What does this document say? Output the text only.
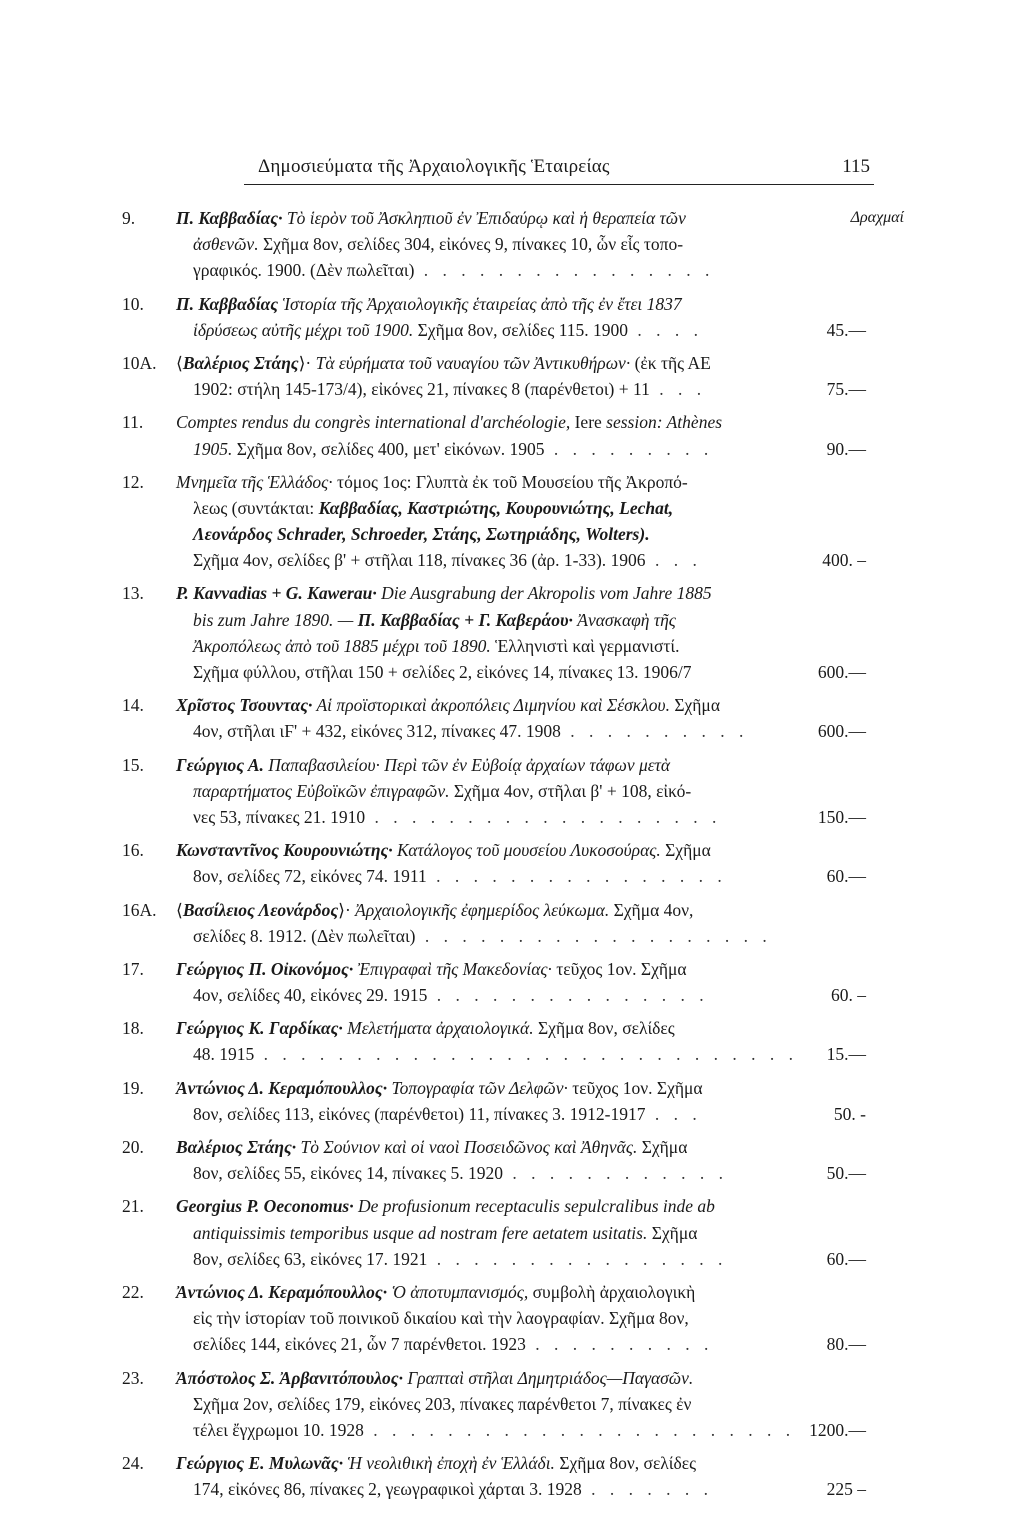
Δημοσιεύματα τῆς Ἀρχαιολογικῆς Ἑταιρείας	115
9. Π. Καββαδίας· Τὸ ἱερὸν τοῦ Ἀσκληπιοῦ ἐν Ἐπιδαύρῳ καὶ ἡ θεραπεία τῶν	Δραχμαί
ἀσθενῶν. Σχῆμα 8ον, σελίδες 304, εἰκόνες 9, πίνακες 10, ὧν εἷς τοπο-
γραφικός. 1900. (Δὲν πωλεῖται) . . . . . . . . . . . . . . . .
10. Π. Καββαδίας Ἱστορία τῆς Ἀρχαιολογικῆς ἑταιρείας ἀπὸ τῆς ἐν ἔτει 1837
ἱδρύσεως αὐτῆς μέχρι τοῦ 1900. Σχῆμα 8ον, σελίδες 115. 1900 . . . .	45.—
10Α. ⟨Βαλέριος Στάης⟩· Τὰ εὑρήματα τοῦ ναυαγίου τῶν Ἀντικυθήρων· (ἐκ τῆς ΑΕ
1902: στήλη 145-173/4), εἰκόνες 21, πίνακες 8 (παρένθετοι) + 11 . . .	75.—
11. Comptes rendus du congrès international d'archéologie, Iere session: Athènes
1905. Σχῆμα 8ον, σελίδες 400, μετ' εἰκόνων. 1905 . . . . . . . . .	90.—
12. Μνημεῖα τῆς Ἑλλάδος· τόμος 1ος: Γλυπτὰ ἐκ τοῦ Μουσείου τῆς Ἀκροπό-
λεως (συντάκται: Καββαδίας, Καστριώτης, Κουρουνιώτης, Lechat,
Λεονάρδος Schrader, Schroeder, Στάης, Σωτηριάδης, Wolters).
Σχῆμα 4ον, σελίδες β' + στῆλαι 118, πίνακες 36 (ἀρ. 1-33). 1906 . . .	400. –
13. P. Kavvadias + G. Kawerau· Die Ausgrabung der Akropolis vom Jahre 1885
bis zum Jahre 1890. — Π. Καββαδίας + Γ. Καβεράου· Ἀνασκαφὴ τῆς
Ἀκροπόλεως ἀπὸ τοῦ 1885 μέχρι τοῦ 1890. Ἑλληνιστὶ καὶ γερμανιστί.
Σχῆμα φύλλου, στῆλαι 150 + σελίδες 2, εἰκόνες 14, πίνακες 13. 1906/7	600.—
14. Χρῖστος Τσουντας· Αἱ προϊστορικαὶ ἀκροπόλεις Διμηνίου καὶ Σέσκλου. Σχῆμα
4ον, στῆλαι ιϜ' + 432, εἰκόνες 312, πίνακες 47. 1908 . . . . . . . . . .	600.—
15. Γεώργιος Α. Παπαβασιλείου· Περὶ τῶν ἐν Εὐβοίᾳ ἀρχαίων τάφων μετὰ
παραρτήματος Εὐβοϊκῶν ἐπιγραφῶν. Σχῆμα 4ον, στῆλαι β' + 108, εἰκό-
νες 53, πίνακες 21. 1910 . . . . . . . . . . . . . . . . . . .	150.—
16. Κωνσταντῖνος Κουρουνιώτης· Κατάλογος τοῦ μουσείου Λυκοσούρας. Σχῆμα
8ον, σελίδες 72, εἰκόνες 74. 1911 . . . . . . . . . . . . . . . .	60.—
16Α. ⟨Βασίλειος Λεονάρδος⟩· Ἀρχαιολογικῆς ἐφημερίδος λεύκωμα. Σχῆμα 4ον,
σελίδες 8. 1912. (Δὲν πωλεῖται) . . . . . . . . . . . . . . . . . . .
17. Γεώργιος Π. Οἰκονόμος· Ἐπιγραφαὶ τῆς Μακεδονίας· τεῦχος 1ον. Σχῆμα
4ον, σελίδες 40, εἰκόνες 29. 1915 . . . . . . . . . . . . . . .	60. –
18. Γεώργιος Κ. Γαρδίκας· Μελετήματα ἀρχαιολογικά. Σχῆμα 8ον, σελίδες
48. 1915 . . . . . . . . . . . . . . . . . . . . . . . . . . . . . 15.—
19. Ἀντώνιος Δ. Κεραμόπουλλος· Τοπογραφία τῶν Δελφῶν· τεῦχος 1ον. Σχῆμα
8ον, σελίδες 113, εἰκόνες (παρένθετοι) 11, πίνακες 3. 1912-1917 . . .	50. -
20. Βαλέριος Στάης· Τὸ Σούνιον καὶ οἱ ναοὶ Ποσειδῶνος καὶ Ἀθηνᾶς. Σχῆμα
8ον, σελίδες 55, εἰκόνες 14, πίνακες 5. 1920 . . . . . . . . . . . .	50.—
21. Georgius P. Oeconomus· De profusionum receptaculis sepulcralibus inde ab
antiquissimis temporibus usque ad nostram fere aetatem usitatis. Σχῆμα
8ον, σελίδες 63, εἰκόνες 17. 1921 . . . . . . . . . . . . . . . .	60.—
22. Ἀντώνιος Δ. Κεραμόπουλλος· Ὁ ἀποτυμπανισμός, συμβολὴ ἀρχαιολογικὴ
εἰς τὴν ἱστορίαν τοῦ ποινικοῦ δικαίου καὶ τὴν λαογραφίαν. Σχῆμα 8ον,
σελίδες 144, εἰκόνες 21, ὧν 7 παρένθετοι. 1923 . . . . . . . . . .	80.—
23. Ἀπόστολος Σ. Ἀρβανιτόπουλος· Γραπταὶ στῆλαι Δημητριάδος—Παγασῶν.
Σχῆμα 2ον, σελίδες 179, εἰκόνες 203, πίνακες παρένθετοι 7, πίνακες ἐν
τέλει ἔγχρωμοι 10. 1928 . . . . . . . . . . . . . . . . . . . . . . . 1200.—
24. Γεώργιος Ε. Μυλωνᾶς· Ἡ νεολιθικὴ ἐποχὴ ἐν Ἑλλάδι. Σχῆμα 8ον, σελίδες
174, εἰκόνες 86, πίνακες 2, γεωγραφικοὶ χάρται 3. 1928 . . . . . . .	225 –
